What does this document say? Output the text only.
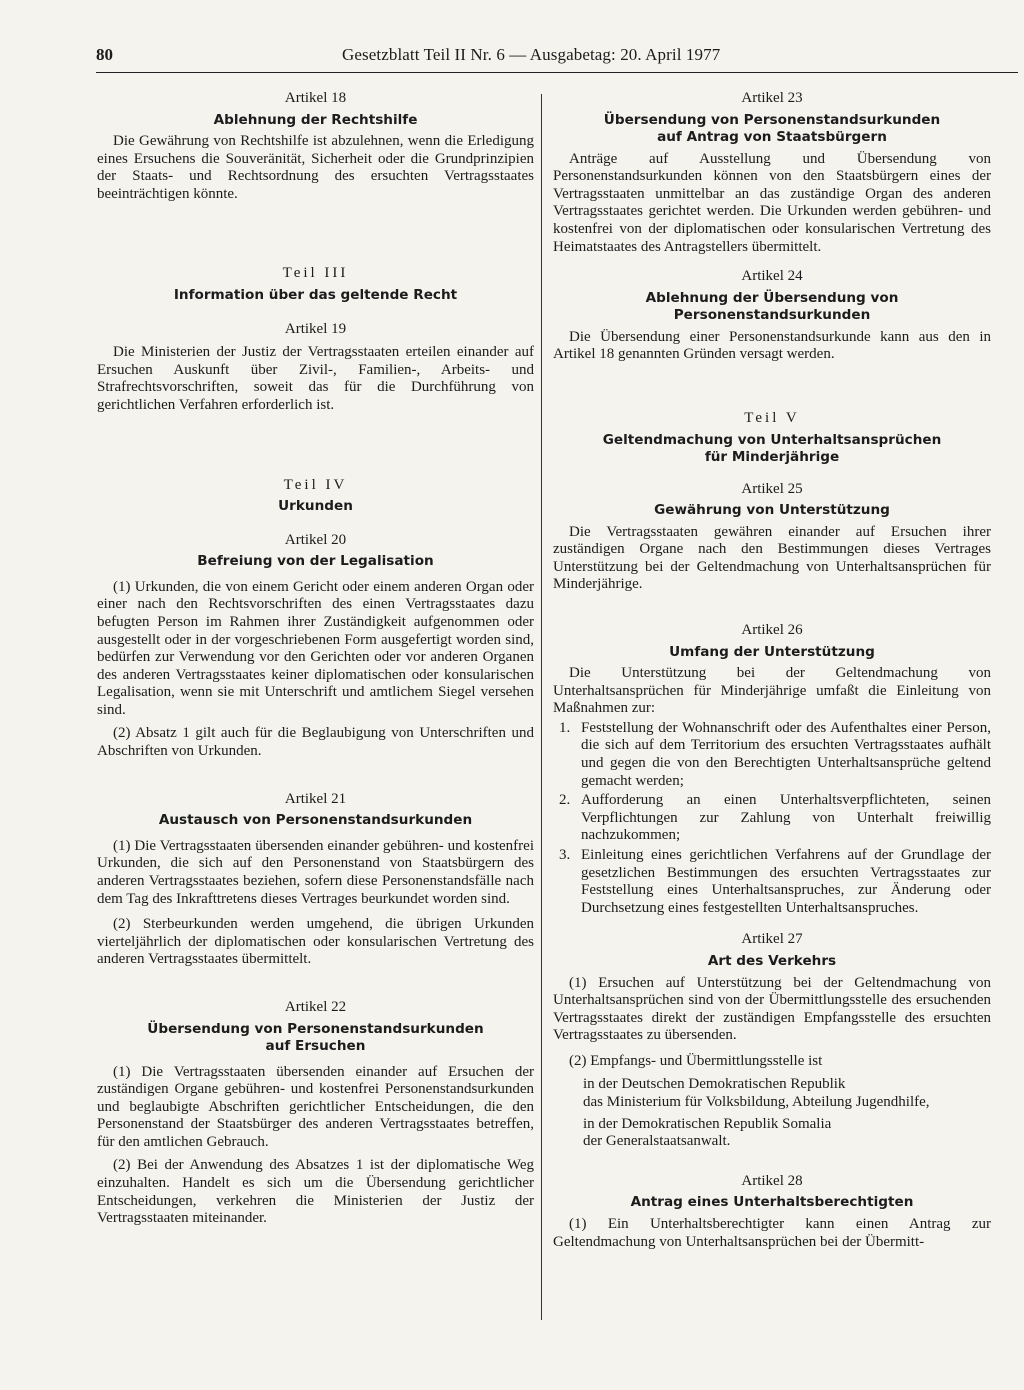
80	Gesetzblatt Teil II Nr. 6 — Ausgabetag: 20. April 1977
Artikel 18
Ablehnung der Rechtshilfe

Die Gewährung von Rechtshilfe ist abzulehnen, wenn die Erledigung eines Ersuchens die Souveränität, Sicherheit oder die Grundprinzipien der Staats- und Rechtsordnung des ersuchten Vertragsstaates beeinträchtigen könnte.

Teil III
Information über das geltende Recht
Artikel 19

Die Ministerien der Justiz der Vertragsstaaten erteilen einander auf Ersuchen Auskunft über Zivil-, Familien-, Arbeits- und Strafrechtsvorschriften, soweit das für die Durchführung von gerichtlichen Verfahren erforderlich ist.

Teil IV
Urkunden
Artikel 20
Befreiung von der Legalisation

(1) Urkunden, die von einem Gericht oder einem anderen Organ oder einer nach den Rechtsvorschriften des einen Vertragsstaates dazu befugten Person im Rahmen ihrer Zuständigkeit aufgenommen oder ausgestellt oder in der vorgeschriebenen Form ausgefertigt worden sind, bedürfen zur Verwendung vor den Gerichten oder vor anderen Organen des anderen Vertragsstaates keiner diplomatischen oder konsularischen Legalisation, wenn sie mit Unterschrift und amtlichem Siegel versehen sind.

(2) Absatz 1 gilt auch für die Beglaubigung von Unterschriften und Abschriften von Urkunden.

Artikel 21
Austausch von Personenstandsurkunden

(1) Die Vertragsstaaten übersenden einander gebühren- und kostenfrei Urkunden, die sich auf den Personenstand von Staatsbürgern des anderen Vertragsstaates beziehen, sofern diese Personenstandsfälle nach dem Tag des Inkrafttretens dieses Vertrages beurkundet worden sind.

(2) Sterbeurkunden werden umgehend, die übrigen Urkunden vierteljährlich der diplomatischen oder konsularischen Vertretung des anderen Vertragsstaates übermittelt.

Artikel 22
Übersendung von Personenstandsurkunden
auf Ersuchen

(1) Die Vertragsstaaten übersenden einander auf Ersuchen der zuständigen Organe gebühren- und kostenfrei Personenstandsurkunden und beglaubigte Abschriften gerichtlicher Entscheidungen, die den Personenstand der Staatsbürger des anderen Vertragsstaates betreffen, für den amtlichen Gebrauch.

(2) Bei der Anwendung des Absatzes 1 ist der diplomatische Weg einzuhalten. Handelt es sich um die Übersendung gerichtlicher Entscheidungen, verkehren die Ministerien der Justiz der Vertragsstaaten miteinander.

Artikel 23
Übersendung von Personenstandsurkunden
auf Antrag von Staatsbürgern

Anträge auf Ausstellung und Übersendung von Personenstandsurkunden können von den Staatsbürgern eines der Vertragsstaaten unmittelbar an das zuständige Organ des anderen Vertragsstaates gerichtet werden. Die Urkunden werden gebühren- und kostenfrei von der diplomatischen oder konsularischen Vertretung des Heimatstaates des Antragstellers übermittelt.

Artikel 24
Ablehnung der Übersendung von Personenstandsurkunden

Die Übersendung einer Personenstandsurkunde kann aus den in Artikel 18 genannten Gründen versagt werden.

Teil V
Geltendmachung von Unterhaltsansprüchen
für Minderjährige
Artikel 25
Gewährung von Unterstützung

Die Vertragsstaaten gewähren einander auf Ersuchen ihrer zuständigen Organe nach den Bestimmungen dieses Vertrages Unterstützung bei der Geltendmachung von Unterhaltsansprüchen für Minderjährige.

Artikel 26
Umfang der Unterstützung

Die Unterstützung bei der Geltendmachung von Unterhaltsansprüchen für Minderjährige umfaßt die Einleitung von Maßnahmen zur:

1. Feststellung der Wohnanschrift oder des Aufenthaltes einer Person, die sich auf dem Territorium des ersuchten Vertragsstaates aufhält und gegen die von den Berechtigten Unterhaltsansprüche geltend gemacht werden;
2. Aufforderung an einen Unterhaltsverpflichteten, seinen Verpflichtungen zur Zahlung von Unterhalt freiwillig nachzukommen;
3. Einleitung eines gerichtlichen Verfahrens auf der Grundlage der gesetzlichen Bestimmungen des ersuchten Vertragsstaates zur Feststellung eines Unterhaltsanspruches, zur Änderung oder Durchsetzung eines festgestellten Unterhaltsanspruches.
Artikel 27
Art des Verkehrs

(1) Ersuchen auf Unterstützung bei der Geltendmachung von Unterhaltsansprüchen sind von der Übermittlungsstelle des ersuchenden Vertragsstaates direkt der zuständigen Empfangsstelle des ersuchten Vertragsstaates zu übersenden.

(2) Empfangs- und Übermittlungsstelle ist

in der Deutschen Demokratischen Republik

das Ministerium für Volksbildung, Abteilung Jugendhilfe,

in der Demokratischen Republik Somalia

der Generalstaatsanwalt.

Artikel 28
Antrag eines Unterhaltsberechtigten

(1) Ein Unterhaltsberechtigter kann einen Antrag zur Geltendmachung von Unterhaltsansprüchen bei der Übermitt-
